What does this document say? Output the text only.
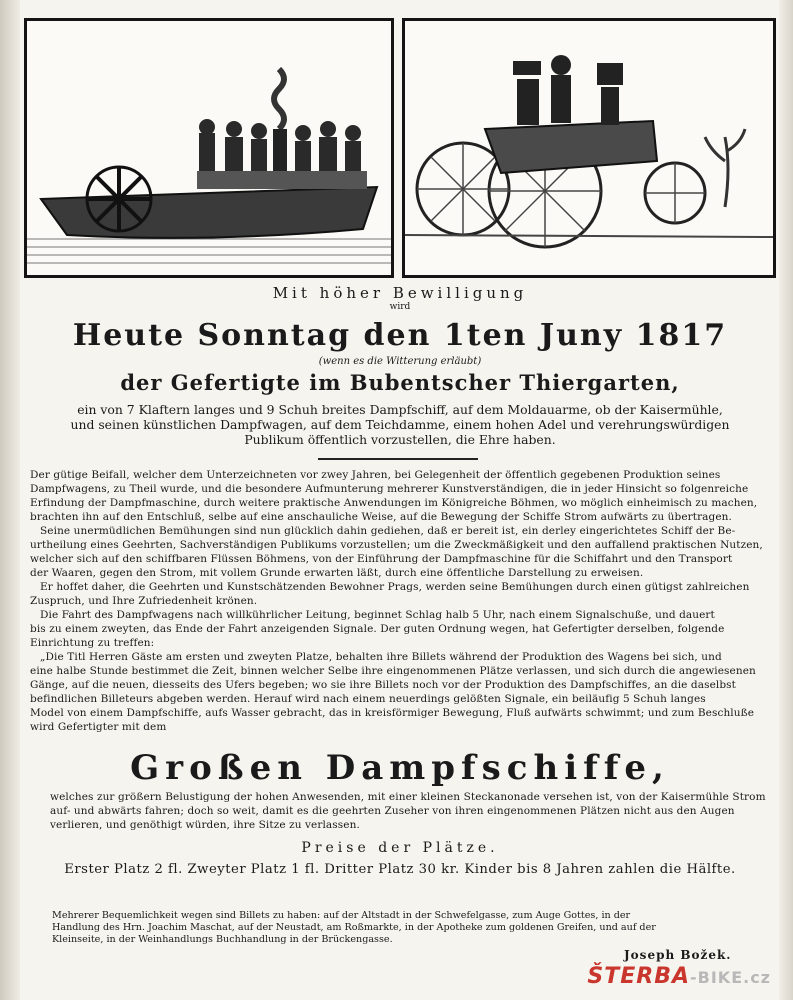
Mit höher Bewilligung
wird
Heute Sonntag den 1ten Juny 1817
(wenn es die Witterung erläubt)
der Gefertigte im Bubentscher Thiergarten,
ein von 7 Klaftern langes und 9 Schuh breites Dampfschiff, auf dem Moldauarme, ob der Kaisermühle,
und seinen künstlichen Dampfwagen, auf dem Teichdamme, einem hohen Adel und verehrungswürdigen
Publikum öffentlich vorzustellen, die Ehre haben.
Der gütige Beifall, welcher dem Unterzeichneten vor zwey Jahren, bei Gelegenheit der öffentlich gegebenen Produktion seines
Dampfwagens, zu Theil wurde, und die besondere Aufmunterung mehrerer Kunstverständigen, die in jeder Hinsicht so folgenreiche
Erfindung der Dampfmaschine, durch weitere praktische Anwendungen im Königreiche Böhmen, wo möglich einheimisch zu machen,
brachten ihn auf den Entschluß, selbe auf eine anschauliche Weise, auf die Bewegung der Schiffe Strom aufwärts zu übertragen.
Seine unermüdlichen Bemühungen sind nun glücklich dahin gediehen, daß er bereit ist, ein derley eingerichtetes Schiff der Be-
urtheilung eines Geehrten, Sachverständigen Publikums vorzustellen; um die Zweckmäßigkeit und den auffallend praktischen Nutzen,
welcher sich auf den schiffbaren Flüssen Böhmens, von der Einführung der Dampfmaschine für die Schiffahrt und den Transport
der Waaren, gegen den Strom, mit vollem Grunde erwarten läßt, durch eine öffentliche Darstellung zu erweisen.
Er hoffet daher, die Geehrten und Kunstschätzenden Bewohner Prags, werden seine Bemühungen durch einen gütigst zahlreichen
Zuspruch, und Ihre Zufriedenheit krönen.
Die Fahrt des Dampfwagens nach willkührlicher Leitung, beginnet Schlag halb 5 Uhr, nach einem Signalschuße, und dauert
bis zu einem zweyten, das Ende der Fahrt anzeigenden Signale. Der guten Ordnung wegen, hat Gefertigter derselben, folgende
Einrichtung zu treffen:
„Die Titl Herren Gäste am ersten und zweyten Platze, behalten ihre Billets während der Produktion des Wagens bei sich, und
eine halbe Stunde bestimmet die Zeit, binnen welcher Selbe ihre eingenommenen Plätze verlassen, und sich durch die angewiesenen
Gänge, auf die neuen, diesseits des Ufers begeben; wo sie ihre Billets noch vor der Produktion des Dampfschiffes, an die daselbst
befindlichen Billeteurs abgeben werden. Herauf wird nach einem neuerdings gelößten Signale, ein beiläufig 5 Schuh langes
Model von einem Dampfschiffe, aufs Wasser gebracht, das in kreisförmiger Bewegung, Fluß aufwärts schwimmt; und zum Beschluße
wird Gefertigter mit dem
Großen Dampfschiffe,
welches zur größern Belustigung der hohen Anwesenden, mit einer kleinen Steckanonade versehen ist, von der Kaisermühle Strom
auf- und abwärts fahren; doch so weit, damit es die geehrten Zuseher von ihren eingenommenen Plätzen nicht aus den Augen
verlieren, und genöthigt würden, ihre Sitze zu verlassen.
Preise der Plätze.
Erster Platz 2 fl. Zweyter Platz 1 fl. Dritter Platz 30 kr. Kinder bis 8 Jahren zahlen die Hälfte.
Mehrerer Bequemlichkeit wegen sind Billets zu haben: auf der Altstadt in der Schwefelgasse, zum Auge Gottes, in der
Handlung des Hrn. Joachim Maschat, auf der Neustadt, am Roßmarkte, in der Apotheke zum goldenen Greifen, und auf der
Kleinseite, in der Weinhandlungs Buchhandlung in der Brückengasse.
Joseph Božek.
ŠTERBA-BIKE.cz
